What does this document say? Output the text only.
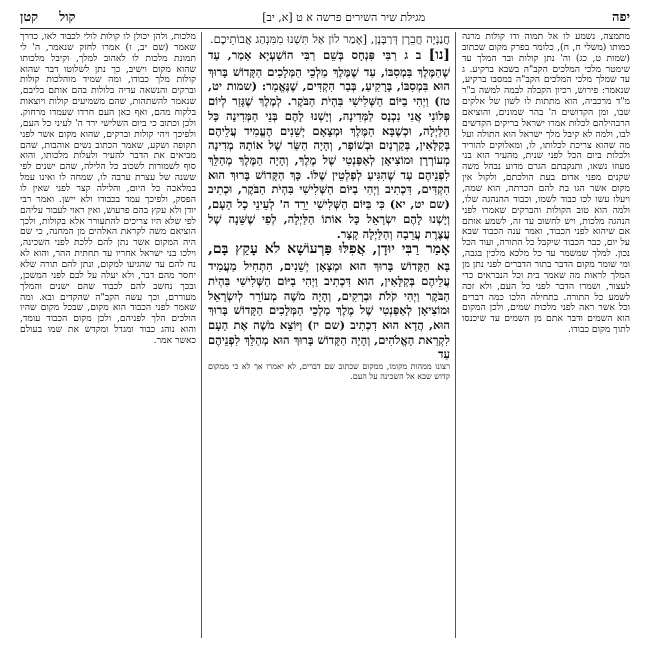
יפה
מגילת שיר השירים פרשה א ט [א, יב]
קול      קטן

מתמצה, נשמע לו אל תמוה ודו קולות מרנה כמותו (משלי ח, ח), כלומר בפרק מקום שכתוב (שמות ט, כג) וה' נתן קולות ובד המלך עד שימטר מלכי המלכים הקב"ה בשבא ברקיע. ג עד שמלך מלכי המלכים הקב"ה במסבו ברקיע, שנאמר: פירוש, רכיון הקבלה לבמה למשה ב"ר מ"ד מרכביה, הוא מתתות לו לשון של אלקים שבו, ומן הקדושים ה' בהר שמונים, והוציאם הרבהילהם לכלות אמרו ישראל בריקים הקדשים לבו, ולמה לא קיבל מלך ישראל הוא התולה ועל מה שהוא צריכת לכלותו, לו, ומאלוקים להוריד ולכלות ביום הכל לפני שנית, מהעיר הוא בני מעוזו נשאו, ותנקבתם הגרם מדוע נבהל משה שקנים מפני אדום בעת הולכתם, ולקול אין מקום אשר הגו בת להם הכרתה, הוא שמה, ויעלו עשו לכו כבוד לשמו, וכבוד ההנהגה שלו, ולמה הוא טוב הקולות והברקים שאמרו לפני הנהגה מלכות, ויש לחשוב עד זה, לשמע אותם אם שיהוא לפני הכבוד, ואמר ענה הכבוד שבא על יום, כבר הכבוד שיקבל כל התורה, ועוד הכל נכון. למלך שמשמר עד כל מלכא מלכין בגבה, ומי שומר מקום הדבר בתור הדברים לפני נתן מן המלך לראות מה שאמר בית וכל הנבראים כדי לעצור, ושמרו הדבר לפני כל העם, ולא זכה לשמע כל התורה. בתחילה הלכו כמה דברים וכל אשר ראה לפני מלכות שמים, ולכן המקום הוא השמים ודבר אתם מן השמים עד שיכנסו לתוך מקום כבודו.

חֲנַנְיָה חֲבֵרָן דְּרַבָּנָן, [אָמַר לוֹן אַל תִּשְׁנוּ מִמִּנְהַג אֲבוֹתֵיכֶם.

[נו] ב ג רַבִּי פִּנְחָס בְּשֵׁם רַבִּי הוֹשַׁעְיָא אָמַר, עַד שֶׁהַמֶּלֶךְ בִּמְסִבּוֹ, עַד שֶׁמֶּלֶךְ מַלְכֵי הַמְּלָכִים הַקָּדוֹשׁ בָּרוּךְ הוּא בִּמְסִבּוֹ, בָּרָקִיעַ, בְּבַר הִקְדִּים, שֶׁנֶּאֱמַר: (שמות יט, טז) וַיְהִי בַיּוֹם הַשְּׁלִישִׁי בִּהְיֹת הַבֹּקֶר. לְמֶלֶךְ שֶׁגָּזַר לְיוֹם פְּלוֹנִי אֲנִי נִכְנָס לַמְּדִינָה, וְיָשְׁנוּ לָהֶם בְּנֵי הַמְּדִינָה כָּל הַלַּיְלָה, וּכְשֶׁבָּא הַמֶּלֶךְ וּמְצָאָם יְשֵׁנִים הֶעֱמִיד עֲלֵיהֶם בְּקַלָּאִין, בְּקַרְנַיִם וּבְשׁוֹפָר, וְהָיָה הַשַּׂר שֶׁל אוֹתָהּ מְדִינָה מְעוֹרְרָן וּמוֹצִיאָן לְאַפַּנְטִי שֶׁל מֶלֶךְ, וְהָיָה הַמֶּלֶךְ מְהַלֵּךְ לִפְנֵיהֶם עַד שֶׁהִגִּיעַ לְפַלְטֵין שֶׁלּוֹ. כָּךְ הַקָּדוֹשׁ בָּרוּךְ הוּא הִקְדִּים, דִּכְתִיב וַיְהִי בַיּוֹם הַשְּׁלִישִׁי בִּהְיֹת הַבֹּקֶר, וּכְתִיב (שם יט, יא) כִּי בַּיּוֹם הַשְּׁלִישִׁי יֵרֵד ה' לְעֵינֵי כָל הָעָם, וְיָשְׁנוּ לָהֶם יִשְׂרָאֵל כָּל אוֹתוֹ הַלַּיְלָה, לְפִי שֶׁשֵּׁנָה שֶׁל עֲצֶרֶת עֲרֵבָה וְהַלַּיְלָה קָצָר.

אָמַר רַבִּי יוּדָן, אֲפִלּוּ פַּרְעוֹשָׁא לֹא עָקַץ בָּם, בָּא הַקָּדוֹשׁ בָּרוּךְ הוּא וּמְצָאָן יְשֵׁנִים, הִתְחִיל מַעֲמִיד עֲלֵיהֶם בְּקַלָּאִין, הוּא דִּכְתִיב וַיְהִי בַיּוֹם הַשְּׁלִישִׁי בִּהְיֹת הַבֹּקֶר וַיְהִי קֹלֹת וּבְרָקִים, וְהָיָה מֹשֶׁה מְעוֹרֵר לְיִשְׂרָאֵל וּמוֹצִיאָן לְאַפַּנְטִי שֶׁל מֶלֶךְ מַלְכֵי הַמְּלָכִים הַקָּדוֹשׁ בָּרוּךְ הוּא, הֲדָא הוּא דִכְתִיב (שם יז) וַיּוֹצֵא מֹשֶׁה אֶת הָעָם לִקְרַאת הָאֱלֹהִים, וְהָיָה הַקָּדוֹשׁ בָּרוּךְ הוּא מְהַלֵּךְ לִפְנֵיהֶם עַד

רצונו ממהות מקומו, ממקום שכתוב שם דברים, לא יאמרו אך לא כי ממקום קדוש שבא אל השכינה על העם.

מלכות, ולהן יכולן לו קולות לולי לכבוד לאו, כדרך שאמר (שם יב, ז) אמרו לחזק שנאמר, ה' לי תמונת מלכות לו לאהוב למלך, וקיבל מלכותו שהוא מקום וישיב, כך נתן לשלוטו דבר שהוא קולות מלך כבודו, ומה שמיד מוהלכות קולות וברקים והנשאה עדיה בלולות בהם אותם בליבם, שנאמר להשתהות, שהם משמיעים קולות ויוצאות בלקוח מהם, ואף כאן העם חרדו שעמדו מרחוק. ולכן וכתוב כי ביום השלישי ירד ה' לעיני כל העם, ולפיכך ויהי קולות וברקים, שהוא מקום אשר לפני תקופה ושקע, שאמר הכתוב נשים אוהבות, שהם מביאים את הדבר להעיר ולעלות מלכותו, והוא סוף לשמורות לשכוב כל הלילה, שהם ישנים לפי ששנה של עצרת ערבה לו, שמחה לו ואינו עמל במלאכה כל היום, והלילה קצר לפני שאין לו הפסק, ולפיכך עמד בכבודו ולא יישן. ואמר רבי יודן ולא עקץ בהם פרעוש, ואין ראוי לעבור עליהם לפי שלא היו צריכים להתעורר אלא בקולות, ולכך הוציאם משה לקראת האלהים מן המחנה, כי שם היה המקום אשר נתן להם ללכת לפני השכינה, וילכו בני ישראל אחריו עד תחתית ההר, והוא לא נח להם עד שהגיעו למקום, ונתן להם תורה שלא יחסר מהם דבר, ולא יעלה על לבם לפני המשכן, ובכך נחשב להם לכבוד שהם ישנים והמלך מעוררם, וכך עשה הקב"ה שהקדים ובא. ומה שאמר לפני הכבוד הוא מקום, שבכל מקום שהיו הולכים הלך לפניהם, ולכן מקום הכבוד עומד, והוא נוהג כבוד ומגדל ומקדש את שמו בעולם כאשר אמר.
